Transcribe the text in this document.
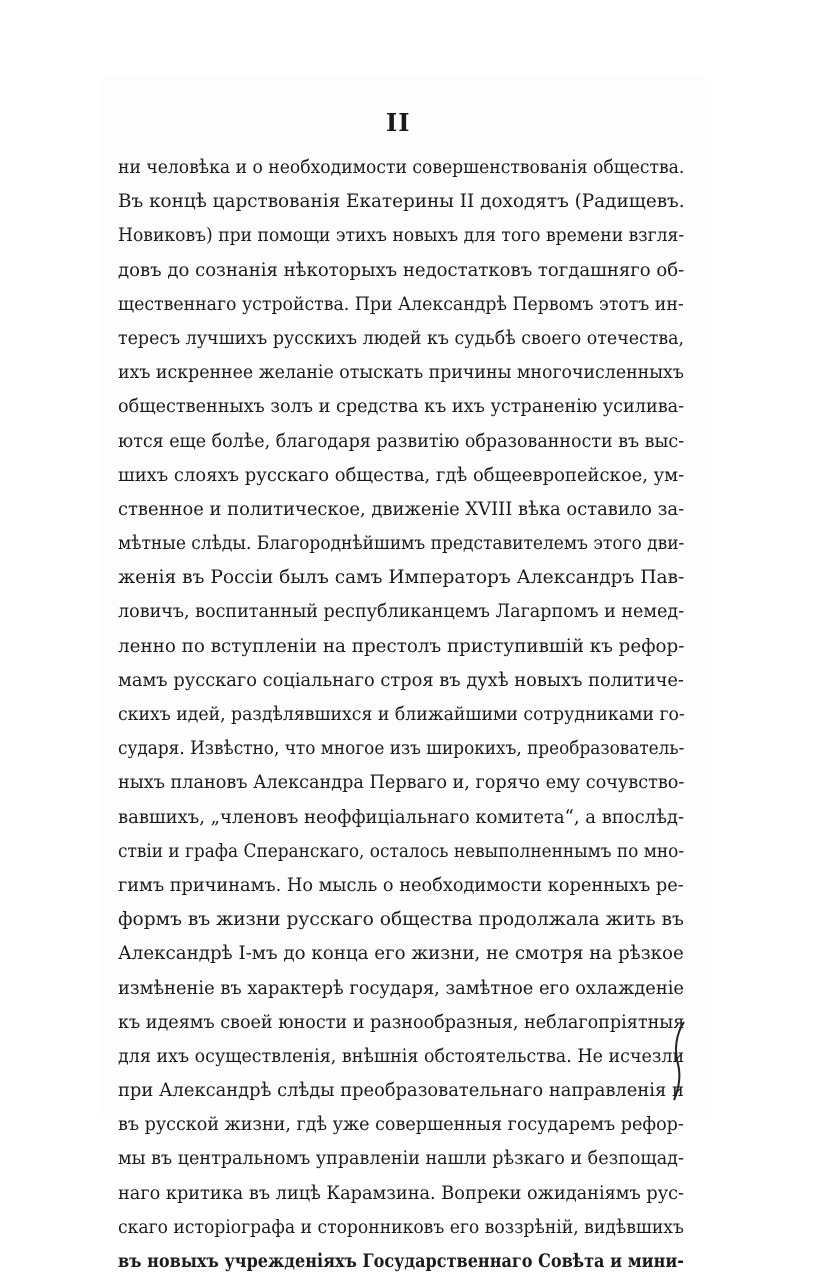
II
ни человѣка и о необходимости совершенствованія общества.
Въ концѣ царствованія Екатерины II доходятъ (Радищевъ.
Новиковъ) при помощи этихъ новыхъ для того времени взгля-
довъ до сознанія нѣкоторыхъ недостатковъ тогдашняго об-
щественнаго устройства. При Александрѣ Первомъ этотъ ин-
тересъ лучшихъ русскихъ людей къ судьбѣ своего отечества,
ихъ искреннее желаніе отыскать причины многочисленныхъ
общественныхъ золъ и средства къ ихъ устраненію усилива-
ются еще болѣе, благодаря развитію образованности въ выс-
шихъ слояхъ русскаго общества, гдѣ общеевропейское, ум-
ственное и политическое, движеніе XVIII вѣка оставило за-
мѣтные слѣды. Благороднѣйшимъ представителемъ этого дви-
женія въ Россіи былъ самъ Императоръ Александръ Пав-
ловичъ, воспитанный республиканцемъ Лагарпомъ и немед-
ленно по вступленіи на престолъ приступившій къ рефор-
мамъ русскаго соціальнаго строя въ духѣ новыхъ политиче-
скихъ идей, раздѣлявшихся и ближайшими сотрудниками го-
сударя. Извѣстно, что многое изъ широкихъ, преобразователь-
ныхъ плановъ Александра Перваго и, горячо ему сочувство-
вавшихъ, „членовъ неоффиціальнаго комитета“, а впослѣд-
ствіи и графа Сперанскаго, осталось невыполненнымъ по мно-
гимъ причинамъ. Но мысль о необходимости коренныхъ ре-
формъ въ жизни русскаго общества продолжала жить въ
Александрѣ I-мъ до конца его жизни, не смотря на рѣзкое
измѣненіе въ характерѣ государя, замѣтное его охлажденіе
къ идеямъ своей юности и разнообразныя, неблагопріятныя
для ихъ осуществленія, внѣшнія обстоятельства. Не исчезли
при Александрѣ слѣды преобразовательнаго направленія и
въ русской жизни, гдѣ уже совершенныя государемъ рефор-
мы въ центральномъ управленіи нашли рѣзкаго и безпощад-
наго критика въ лицѣ Карамзина. Вопреки ожиданіямъ рус-
скаго исторіографа и сторонниковъ его воззрѣній, видѣвшихъ
въ новыхъ учрежденіяхъ Государственнаго Совѣта и мини-
